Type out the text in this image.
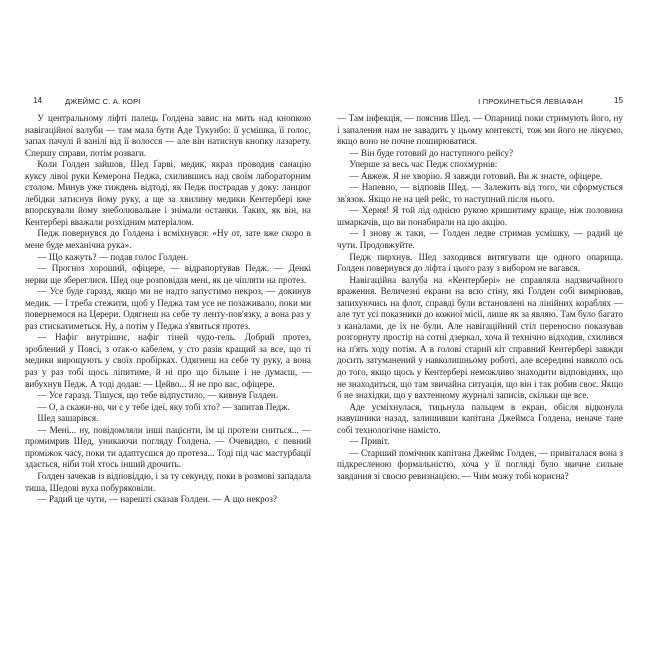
14	ДЖЕЙМС С. А. КОРІ

У центральному ліфті палець Голдена завис на мить над кнопкою навігаційної валуби — там мала бути Аде Тукунбо: її усмішка, її голос, запах пачулі й ванілі від її волосся — але він натиснув кнопку лазарету. Спершу справи, потім розваги.

Коли Голден зайшов, Шед Ґарві, медик, якраз проводив санацію куксу лівої руки Кемерона Педжа, схилившись над своїм лабораторним столом. Минув уже тиждень відтоді, як Педж пострадав у доку: ланцюг лебідки затиснув йому руку, а ще за хвилину медики Кентербері вже впорскували йому знеболювальне і знімали останки. Таких, як він, на Кентербері вважали розхідним матеріалом.

Педж повернувся до Голдена і всміхнувся: «Ну от, зате вже скоро в мене буде механічна рука».

— Що кажуть? — подав голос Голден.

— Прогноз хороший, офіцере, — відрапортував Педж. — Денкі нерви ще збереглися. Шед оце розповідав мені, як це чіпляти на протез.

— Усе буде гаразд, якщо ми не надто запустимо некроз, — докинув медик. — І треба стежити, щоб у Педжа там усе не позаживало, поки ми повернемося на Церери. Одягнеш на себе ту ленту-пов'язку, а вона раз у раз стискатиметься. Ну, а потім у Педжа з'явиться протез.

— Нафіг внутрішнє, нафіг тіней чудо-гель. Добрий протез, зроблений у Поясі, з отак-о кабелем, у сто разів кращий за все, що ті медики вирощують у своїх пробірках. Одягнеш на себе ту руку, а вона раз у раз тобі щось ліпитиме, й ні про що більше і не думаєш, — вибухнув Педж. А тоді додав: — Цейво... Я не про вас, офіцере.

— Усе гаразд. Тішуся, що тебе відпустило, — кивнув Голден.

— О, а скажи-но, чи є у тебе ідеї, яку тобі хто? — запитав Педж.

Шед зашарівся.

— Менi... ну, повідомляли інші пацієнти, їм ці протези сниться... — промимрив Шед, уникаючи погляду Голдена. — Очевидно, є певний проміжок часу, поки ти адаптуєшся до протеза... Тоді під час мастурбації здається, ніби той хтось інший дрочить.

Голден зачекав із відповіддю, і за ту секунду, поки в розмові западала тиша, Шедові вуха побуряковіли.

— Радий це чути, — нарешті сказав Голден. — А що некроз?

І ПРОКИНЕТЬСЯ ЛЕВІАФАН	15

— Там інфекція, — пояснив Шед. — Опарниці поки стримують його, ну і запалення нам не завадить у цьому контексті, тож ми його не лікуємо, якщо воно не почне поширюватися.

— Він буде готовий до наступного рейсу?

Уперше за весь час Педж спохмурнів:

— Авжеж. Я не хворію. Я завжди готовий. Ви ж знаєте, офіцере.

— Напевно, — відповів Шед. — Залежить від того, чи сформується зв'язок. Якщо не на цей рейс, то наступний після нього.

— Херня! Я той лід однією рукою кришитиму краще, ніж половина шмаркачів, що ви понабирали на цю акцію.

— І знову ж таки, — Голден ледве стримав усмішку, — радий це чути. Продовжуйте.

Педж пирхнув. Шед заходився витягувати ще одного опарища. Голден повернувся до ліфта і цього разу з вибором не вагався.

Навігаційна валуба на «Кентербері» не справляла надзвичайного враження. Величезні екрани на всю стіну, які Голден собі вимріював, запихуючись на флот, справді були встановлені на лінійних кораблях — але тут усі показники до кожної місії, лише як за являю. Там було багато з каналами, де їх не були. Але навігаційний стіл переносно показував розгорнуту простір на сотні дзеркал, хоча й технічно відходив, схилився на п'ять ходу потім. А в голові старий кіт справний Кентербері завжди досить затуманений у навколишньому роботі, але всередині навколо ось до того, якщо щось у Кентербері неможливо знаходити відповідних, що не знаходиться, що там звичайна ситуація, що він і так робив своє. Якщо б не знахідки, що у вахтенному журналі записів, скільки ще все.

Аде усміхнулася, тицьнула пальцем в екран, обісля відконула навушники назад, залишивши капітана Джеймса Голдена, неначе тане собі технологічне намісто.

— Привіт.

— Старший помічник капітана Джеймс Голден, — привіталася вона з підкресленою формальністю, хоча у її погляді було звичне сильне завдання зі своєю ревизнацією. — Чим можу тобі корисна?
